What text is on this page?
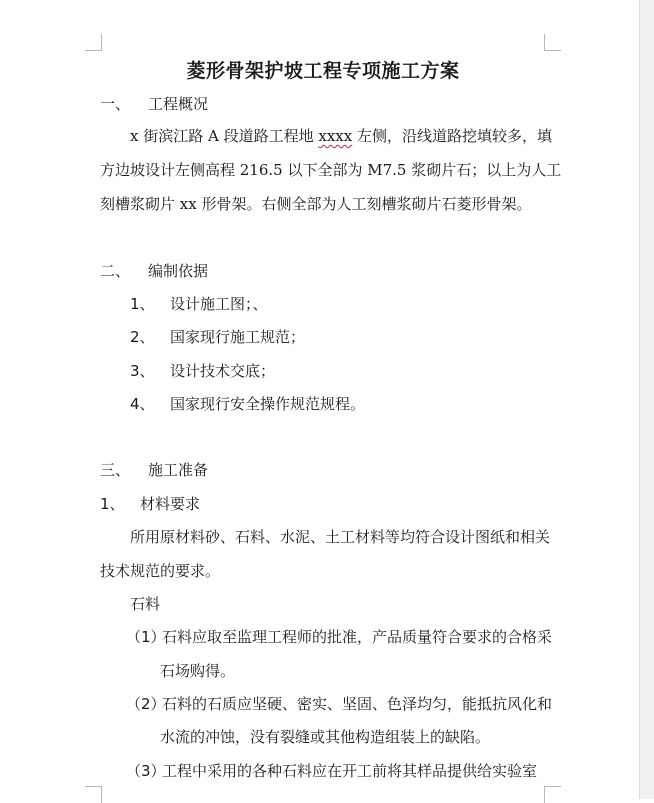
菱形骨架护坡工程专项施工方案
一、 工程概况
x 街滨江路 A 段道路工程地 xxxx 左侧，沿线道路挖填较多，填
方边坡设计左侧高程 216.5 以下全部为 M7.5 浆砌片石；以上为人工
刻槽浆砌片 xx 形骨架。右侧全部为人工刻槽浆砌片石菱形骨架。
二、 编制依据
1、 设计施工图；、
2、 国家现行施工规范；
3、 设计技术交底；
4、 国家现行安全操作规范规程。
三、 施工准备
1、 材料要求
所用原材料砂、石料、水泥、土工材料等均符合设计图纸和相关
技术规范的要求。
石料
（1）石料应取至监理工程师的批准，产品质量符合要求的合格采
石场购得。
（2）石料的石质应坚硬、密实、坚固、色泽均匀，能抵抗风化和
水流的冲蚀，没有裂缝或其他构造组装上的缺陷。
（3）工程中采用的各种石料应在开工前将其样品提供给实验室
